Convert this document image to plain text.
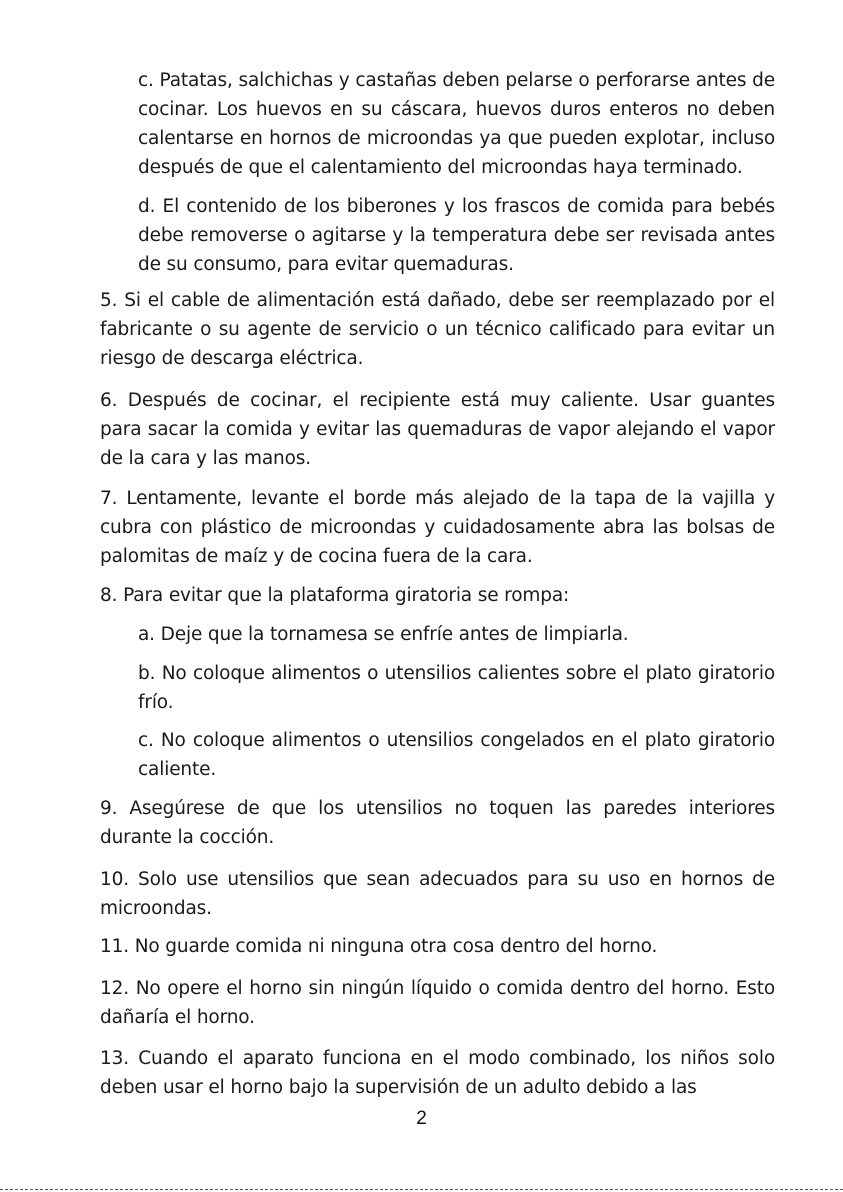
c. Patatas, salchichas y castañas deben pelarse o perforarse antes de cocinar. Los huevos en su cáscara, huevos duros enteros no deben calentarse en hornos de microondas ya que pueden explotar, incluso después de que el calentamiento del microondas haya terminado.

d. El contenido de los biberones y los frascos de comida para bebés debe removerse o agitarse y la temperatura debe ser revisada antes de su consumo, para evitar quemaduras.

5. Si el cable de alimentación está dañado, debe ser reemplazado por el fabricante o su agente de servicio o un técnico calificado para evitar un riesgo de descarga eléctrica.

6. Después de cocinar, el recipiente está muy caliente. Usar guantes para sacar la comida y evitar las quemaduras de vapor alejando el vapor de la cara y las manos.

7. Lentamente, levante el borde más alejado de la tapa de la vajilla y cubra con plástico de microondas y cuidadosamente abra las bolsas de palomitas de maíz y de cocina fuera de la cara.

8. Para evitar que la plataforma giratoria se rompa:

a. Deje que la tornamesa se enfríe antes de limpiarla.

b. No coloque alimentos o utensilios calientes sobre el plato giratorio frío.

c. No coloque alimentos o utensilios congelados en el plato giratorio caliente.

9. Asegúrese de que los utensilios no toquen las paredes interiores durante la cocción.

10. Solo use utensilios que sean adecuados para su uso en hornos de microondas.

11. No guarde comida ni ninguna otra cosa dentro del horno.

12. No opere el horno sin ningún líquido o comida dentro del horno. Esto dañaría el horno.

13. Cuando el aparato funciona en el modo combinado, los niños solo deben usar el horno bajo la supervisión de un adulto debido a las

2
